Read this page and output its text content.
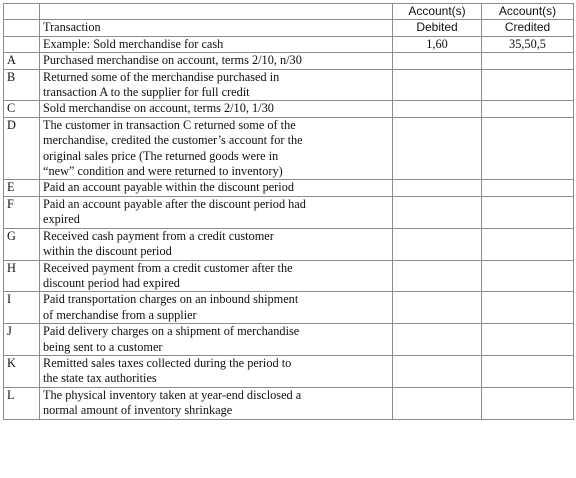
		Account(s)	Account(s)
	Transaction	Debited	Credited
	Example: Sold merchandise for cash	1,60	35,50,5
A	Purchased merchandise on account, terms 2/10, n/30		
B	Returned some of the merchandise purchased in
transaction A to the supplier for full credit		
C	Sold merchandise on account, terms 2/10, 1/30		
D	The customer in transaction C returned some of the
merchandise, credited the customer’s account for the
original sales price (The returned goods were in
“new” condition and were returned to inventory)		
E	Paid an account payable within the discount period		
F	Paid an account payable after the discount period had
expired		
G	Received cash payment from a credit customer
within the discount period		
H	Received payment from a credit customer after the
discount period had expired		
I	Paid transportation charges on an inbound shipment
of merchandise from a supplier		
J	Paid delivery charges on a shipment of merchandise
being sent to a customer		
K	Remitted sales taxes collected during the period to
the state tax authorities		
L	The physical inventory taken at year-end disclosed a
normal amount of inventory shrinkage		
